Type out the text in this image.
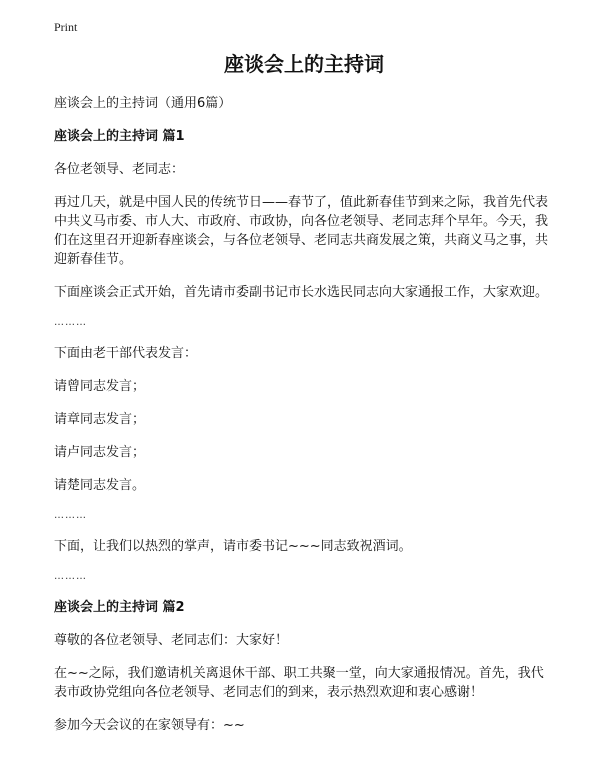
Print
座谈会上的主持词
座谈会上的主持词（通用6篇）
座谈会上的主持词 篇1
各位老领导、老同志：
再过几天，就是中国人民的传统节日——春节了，值此新春佳节到来之际，我首先代表中共义马市委、市人大、市政府、市政协，向各位老领导、老同志拜个早年。今天，我们在这里召开迎新春座谈会，与各位老领导、老同志共商发展之策，共商义马之事，共迎新春佳节。
下面座谈会正式开始，首先请市委副书记市长水选民同志向大家通报工作，大家欢迎。
………
下面由老干部代表发言：
请曾同志发言；
请章同志发言；
请卢同志发言；
请楚同志发言。
………
下面，让我们以热烈的掌声，请市委书记~~~同志致祝酒词。
………
座谈会上的主持词 篇2
尊敬的各位老领导、老同志们：大家好！
在~~之际，我们邀请机关离退休干部、职工共聚一堂，向大家通报情况。首先，我代表市政协党组向各位老领导、老同志们的到来，表示热烈欢迎和衷心感谢！
参加今天会议的在家领导有：~~
